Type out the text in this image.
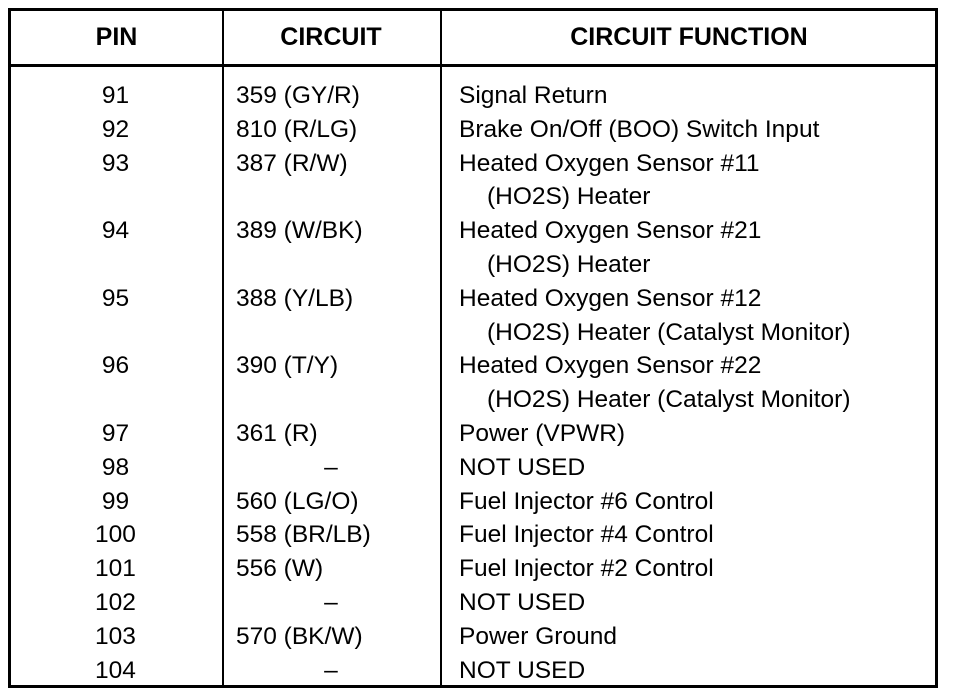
PIN	CIRCUIT	CIRCUIT FUNCTION
91	359 (GY/R)	Signal Return
92	810 (R/LG)	Brake On/Off (BOO) Switch Input
93	387 (R/W)	Heated Oxygen Sensor #11
(HO2S) Heater
94	389 (W/BK)	Heated Oxygen Sensor #21
(HO2S) Heater
95	388 (Y/LB)	Heated Oxygen Sensor #12
(HO2S) Heater (Catalyst Monitor)
96	390 (T/Y)	Heated Oxygen Sensor #22
(HO2S) Heater (Catalyst Monitor)
97	361 (R)	Power (VPWR)
98	–	NOT USED
99	560 (LG/O)	Fuel Injector #6 Control
100	558 (BR/LB)	Fuel Injector #4 Control
101	556 (W)	Fuel Injector #2 Control
102	–	NOT USED
103	570 (BK/W)	Power Ground
104	–	NOT USED
